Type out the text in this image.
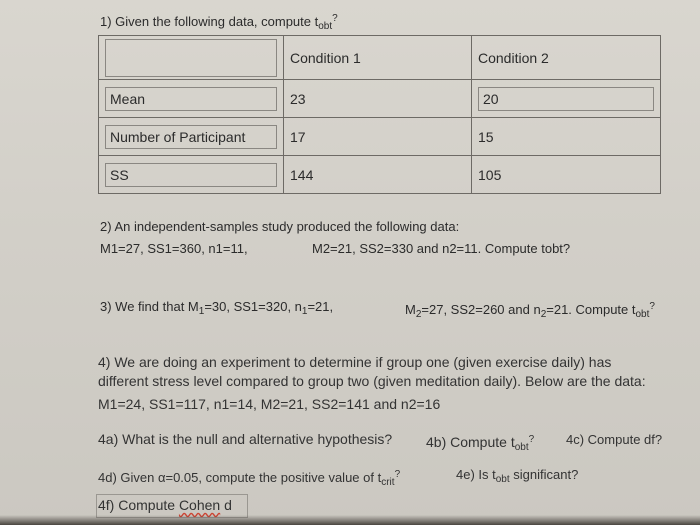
1) Given the following data, compute $t_{obt}^?$
	Condition 1	Condition 2

Mean	23	20

Number of Participant	17	15

SS	144	105
2) An independent-samples study produced the following data:
M1=27, SS1=360, n1=11,	M2=21, SS2=330 and n2=11. Compute tobt?
3) We find that $M_1=30$, SS1=320, $n_1=21$,	$M_2=27$, SS2=260 and $n_2=21$. Compute $t_{obt}^?$
4) We are doing an experiment to determine if group one (given exercise daily) has
different stress level compared to group two (given meditation daily). Below are the data:
M1=24, SS1=117, n1=14, M2=21, SS2=141 and n2=16
4a) What is the null and alternative hypothesis? 4b) Compute $t_{obt}^?$ 4c) Compute df?
4d) Given α=0.05, compute the positive value of $t_{crit}^?$	4e) Is $t_{obt}$ significant?
4f) Compute Cohen d
